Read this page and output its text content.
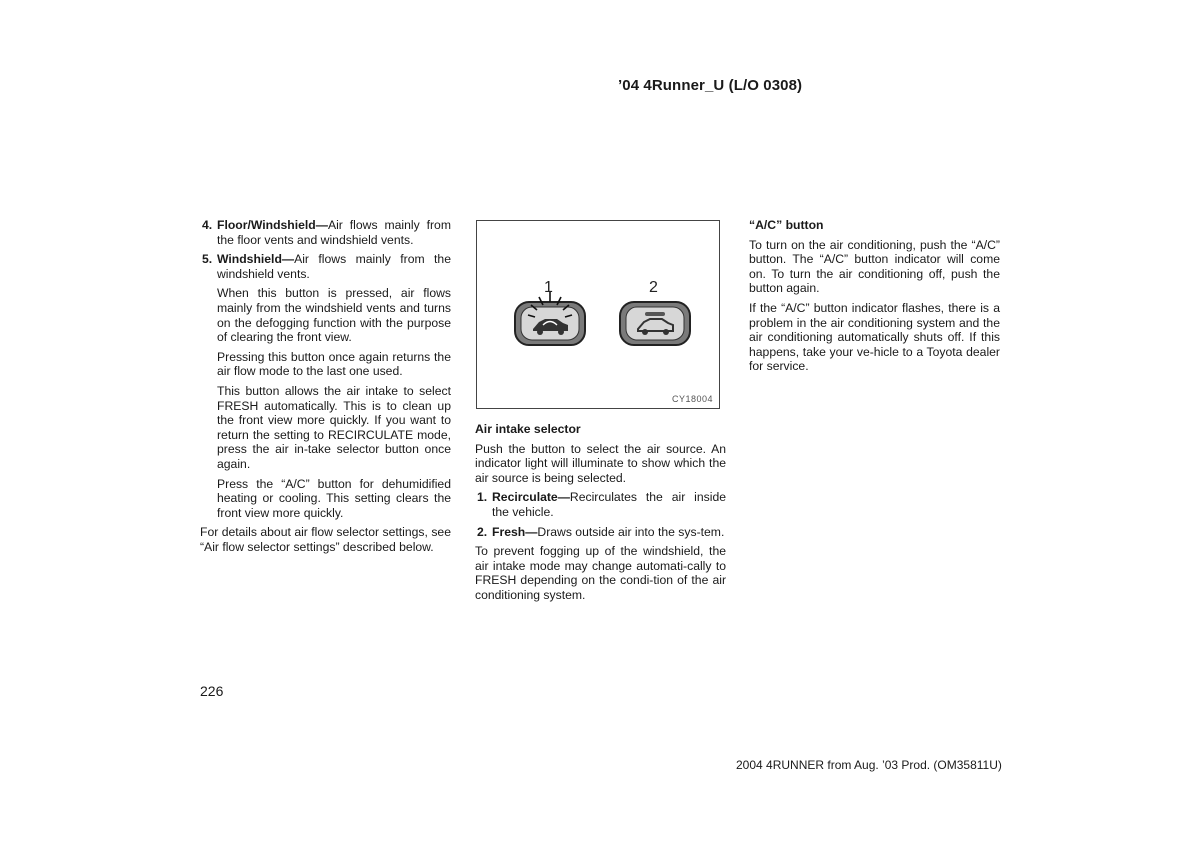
’04 4Runner_U (L/O 0308)

4. Floor/Windshield—Air flows mainly from the floor vents and windshield vents.

5. Windshield—Air flows mainly from the windshield vents.

When this button is pressed, air flows mainly from the windshield vents and turns on the defogging function with the purpose of clearing the front view.

Pressing this button once again returns the air flow mode to the last one used.

This button allows the air intake to select FRESH automatically. This is to clean up the front view more quickly. If you want to return the setting to RECIRCULATE mode, press the air in-take selector button once again.

Press the “A/C” button for dehumidified heating or cooling. This setting clears the front view more quickly.

For details about air flow selector settings, see “Air flow selector settings” described below.

1	2
CY18004
Air intake selector

Push the button to select the air source. An indicator light will illuminate to show which the air source is being selected.

1. Recirculate—Recirculates the air inside the vehicle.

2. Fresh—Draws outside air into the sys-tem.

To prevent fogging up of the windshield, the air intake mode may change automati-cally to FRESH depending on the condi-tion of the air conditioning system.

“A/C” button

To turn on the air conditioning, push the “A/C” button. The “A/C” button indicator will come on. To turn the air conditioning off, push the button again.

If the “A/C” button indicator flashes, there is a problem in the air conditioning system and the air conditioning automatically shuts off. If this happens, take your ve-hicle to a Toyota dealer for service.

226
2004 4RUNNER from Aug. ’03 Prod. (OM35811U)
